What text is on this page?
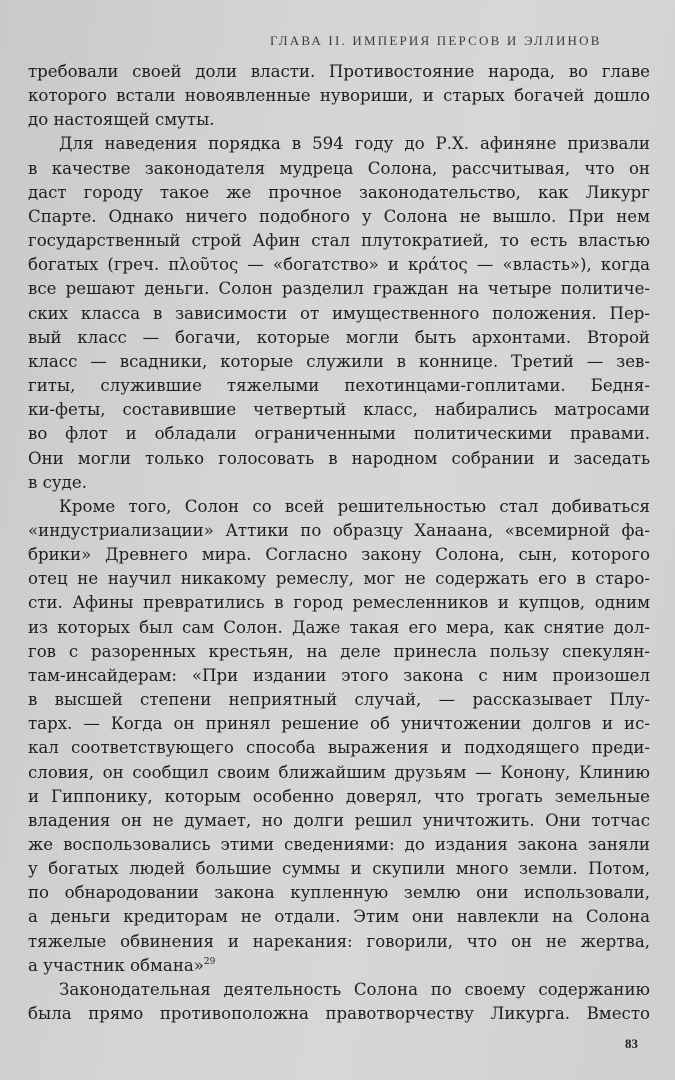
ГЛАВА II. ИМПЕРИЯ ПЕРСОВ И ЭЛЛИНОВ

требовали своей доли власти. Противостояние народа, во главе
которого встали новоявленные нувориши, и старых богачей дошло
до настоящей смуты.

Для наведения порядка в 594 году до Р.Х. афиняне призвали
в качестве законодателя мудреца Солона, рассчитывая, что он
даст городу такое же прочное законодательство, как Ликург
Спарте. Однако ничего подобного у Солона не вышло. При нем
государственный строй Афин стал плутократией, то есть властью
богатых (греч. πλοῦτος — «богатство» и κράτος — «власть»), когда
все решают деньги. Солон разделил граждан на четыре политиче-
ских класса в зависимости от имущественного положения. Пер-
вый класс — богачи, которые могли быть архонтами. Второй
класс — всадники, которые служили в коннице. Третий — зев-
гиты, служившие тяжелыми пехотинцами-гоплитами. Бедня-
ки-феты, составившие четвертый класс, набирались матросами
во флот и обладали ограниченными политическими правами.
Они могли только голосовать в народном собрании и заседать
в суде.

Кроме того, Солон со всей решительностью стал добиваться
«индустриализации» Аттики по образцу Ханаана, «всемирной фа-
брики» Древнего мира. Согласно закону Солона, сын, которого
отец не научил никакому ремеслу, мог не содержать его в старо-
сти. Афины превратились в город ремесленников и купцов, одним
из которых был сам Солон. Даже такая его мера, как снятие дол-
гов с разоренных крестьян, на деле принесла пользу спекулян-
там-инсайдерам: «При издании этого закона с ним произошел
в высшей степени неприятный случай, — рассказывает Плу-
тарх. — Когда он принял решение об уничтожении долгов и ис-
кал соответствующего способа выражения и подходящего преди-
словия, он сообщил своим ближайшим друзьям — Конону, Клинию
и Гиппонику, которым особенно доверял, что трогать земельные
владения он не думает, но долги решил уничтожить. Они тотчас
же воспользовались этими сведениями: до издания закона заняли
у богатых людей большие суммы и скупили много земли. Потом,
по обнародовании закона купленную землю они использовали,
а деньги кредиторам не отдали. Этим они навлекли на Солона
тяжелые обвинения и нарекания: говорили, что он не жертва,
а участник обмана»$^{29}$

Законодательная деятельность Солона по своему содержанию
была прямо противоположна правотворчеству Ликурга. Вместо

83
